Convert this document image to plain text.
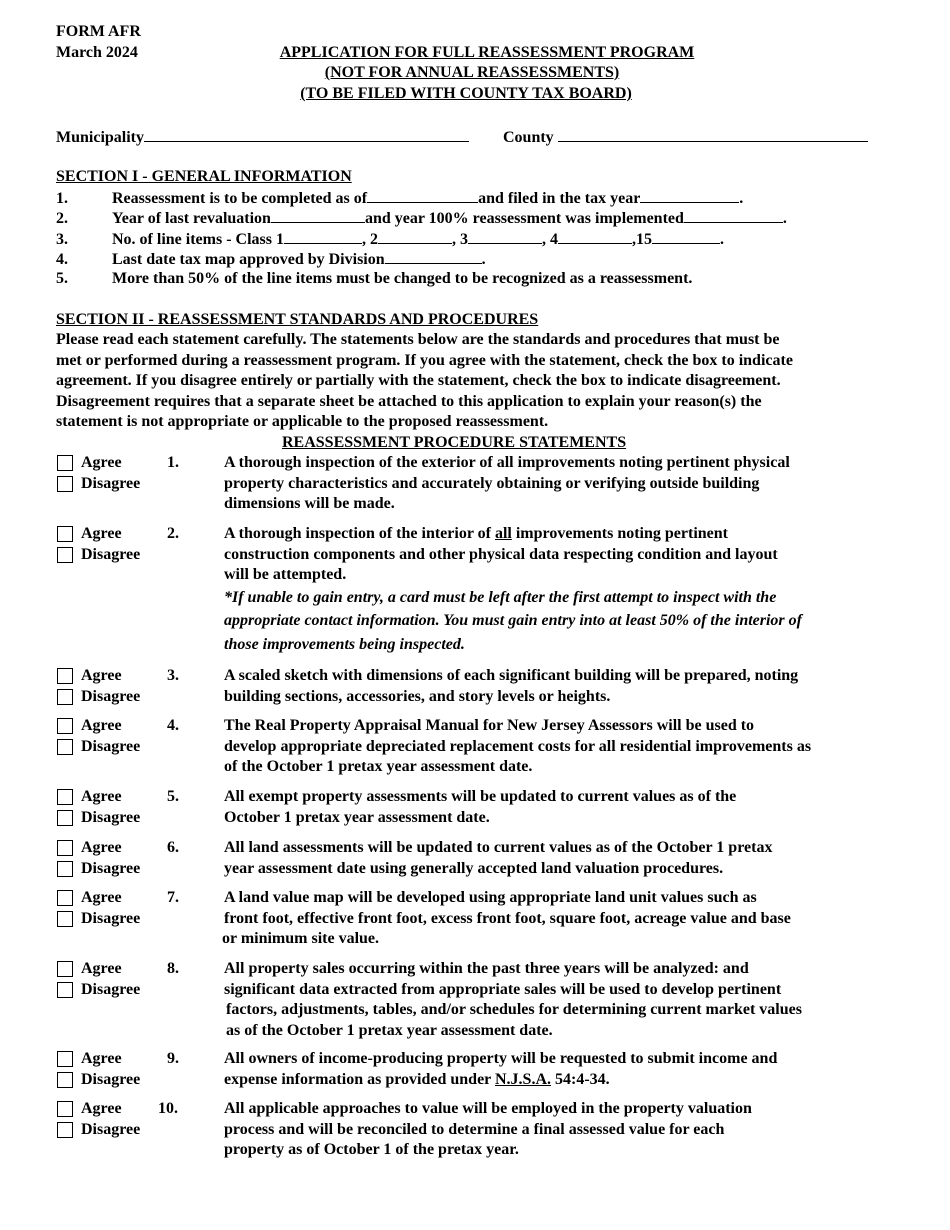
FORM AFR
March 2024	APPLICATION FOR FULL REASSESSMENT PROGRAM
(NOT FOR ANNUAL REASSESSMENTS)
(TO BE FILED WITH COUNTY TAX BOARD)
Municipality	County
SECTION I - GENERAL INFORMATION
1.	Reassessment is to be completed as of	and filed in the tax year	.
2.	Year of last revaluation	and year 100% reassessment was implemented	.
3.	No. of line items - Class 1	, 2	, 3	, 4	,15	.
4.	Last date tax map approved by Division	.
5.	More than 50% of the line items must be changed to be recognized as a reassessment.
SECTION II - REASSESSMENT STANDARDS AND PROCEDURES
Please read each statement carefully. The statements below are the standards and procedures that must be
met or performed during a reassessment program. If you agree with the statement, check the box to indicate
agreement. If you disagree entirely or partially with the statement, check the box to indicate disagreement.
Disagreement requires that a separate sheet be attached to this application to explain your reason(s) the
statement is not appropriate or applicable to the proposed reassessment.
REASSESSMENT PROCEDURE STATEMENTS
Agree
Disagree
1.	A thorough inspection of the exterior of all improvements noting pertinent physical
property characteristics and accurately obtaining or verifying outside building
dimensions will be made.
Agree
Disagree
2.	A thorough inspection of the interior of all improvements noting pertinent
construction components and other physical data respecting condition and layout
will be attempted.
*If unable to gain entry, a card must be left after the first attempt to inspect with the
appropriate contact information. You must gain entry into at least 50% of the interior of
those improvements being inspected.
Agree
Disagree
3.	A scaled sketch with dimensions of each significant building will be prepared, noting
building sections, accessories, and story levels or heights.
Agree
Disagree
4.	The Real Property Appraisal Manual for New Jersey Assessors will be used to
develop appropriate depreciated replacement costs for all residential improvements as
of the October 1 pretax year assessment date.
Agree
Disagree
5.	All exempt property assessments will be updated to current values as of the
October 1 pretax year assessment date.
Agree
Disagree
6.	All land assessments will be updated to current values as of the October 1 pretax
year assessment date using generally accepted land valuation procedures.
Agree
Disagree
7.	A land value map will be developed using appropriate land unit values such as
front foot, effective front foot, excess front foot, square foot, acreage value and base
or minimum site value.
Agree
Disagree
8.	All property sales occurring within the past three years will be analyzed: and
significant data extracted from appropriate sales will be used to develop pertinent
factors, adjustments, tables, and/or schedules for determining current market values
as of the October 1 pretax year assessment date.
Agree
Disagree
9.	All owners of income-producing property will be requested to submit income and
expense information as provided under N.J.S.A. 54:4-34.
Agree
Disagree
10.	All applicable approaches to value will be employed in the property valuation
process and will be reconciled to determine a final assessed value for each
property as of October 1 of the pretax year.
